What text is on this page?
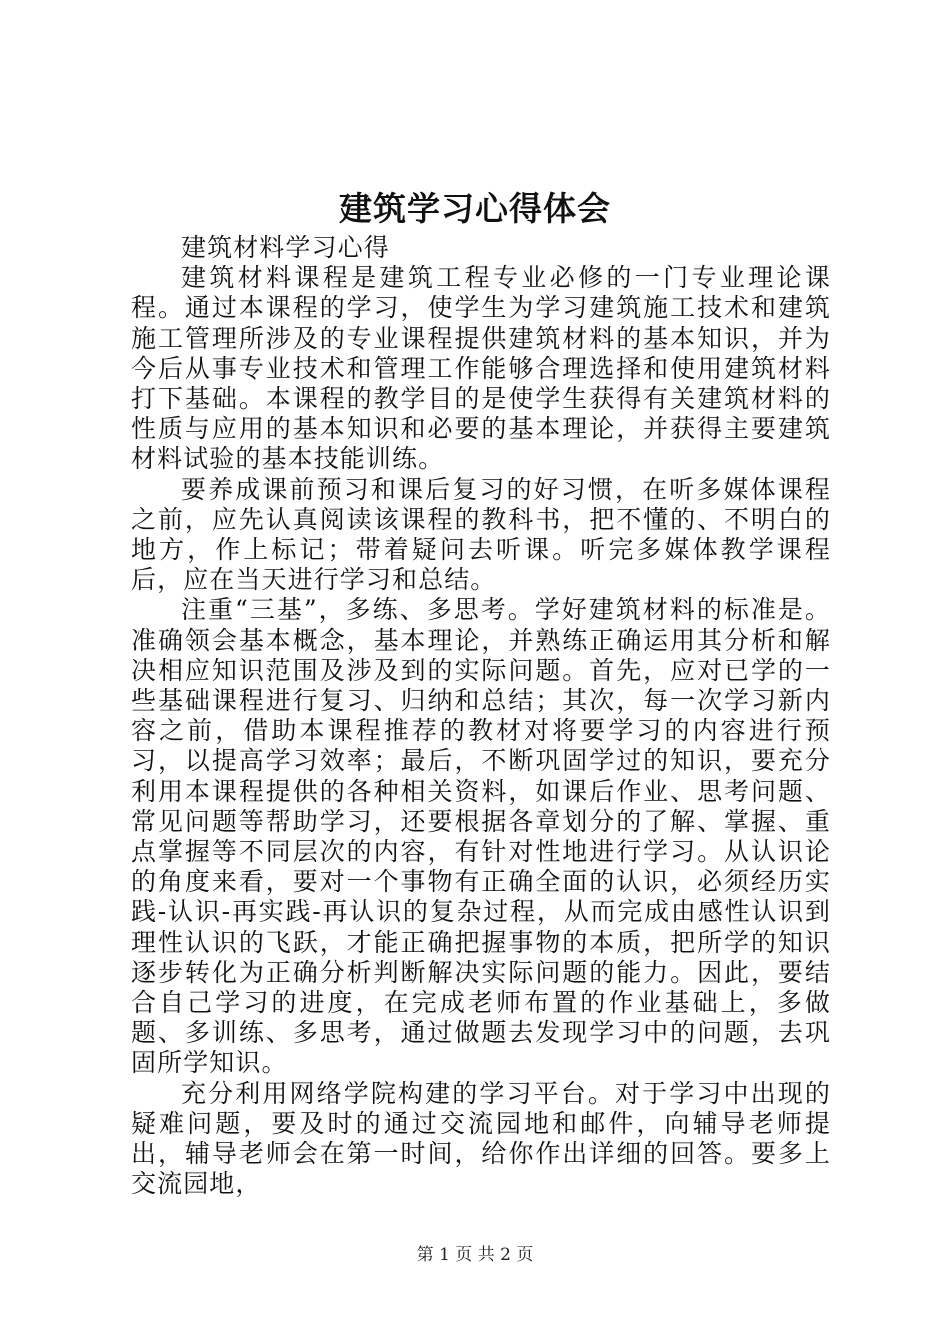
建筑学习心得体会

建筑材料学习心得

建筑材料课程是建筑工程专业必修的一门专业理论课程。通过本课程的学习，使学生为学习建筑施工技术和建筑施工管理所涉及的专业课程提供建筑材料的基本知识，并为今后从事专业技术和管理工作能够合理选择和使用建筑材料打下基础。本课程的教学目的是使学生获得有关建筑材料的性质与应用的基本知识和必要的基本理论，并获得主要建筑材料试验的基本技能训练。

要养成课前预习和课后复习的好习惯，在听多媒体课程之前，应先认真阅读该课程的教科书，把不懂的、不明白的地方，作上标记；带着疑问去听课。听完多媒体教学课程后，应在当天进行学习和总结。

注重“三基”，多练、多思考。学好建筑材料的标准是。准确领会基本概念，基本理论，并熟练正确运用其分析和解决相应知识范围及涉及到的实际问题。首先，应对已学的一些基础课程进行复习、归纳和总结；其次，每一次学习新内容之前，借助本课程推荐的教材对将要学习的内容进行预习，以提高学习效率；最后，不断巩固学过的知识，要充分利用本课程提供的各种相关资料，如课后作业、思考问题、常见问题等帮助学习，还要根据各章划分的了解、掌握、重点掌握等不同层次的内容，有针对性地进行学习。从认识论的角度来看，要对一个事物有正确全面的认识，必须经历实践-认识-再实践-再认识的复杂过程，从而完成由感性认识到理性认识的飞跃，才能正确把握事物的本质，把所学的知识逐步转化为正确分析判断解决实际问题的能力。因此，要结合自己学习的进度，在完成老师布置的作业基础上，多做题、多训练、多思考，通过做题去发现学习中的问题，去巩固所学知识。

充分利用网络学院构建的学习平台。对于学习中出现的疑难问题，要及时的通过交流园地和邮件，向辅导老师提出，辅导老师会在第一时间，给你作出详细的回答。要多上交流园地，

第 1 页 共 2 页
